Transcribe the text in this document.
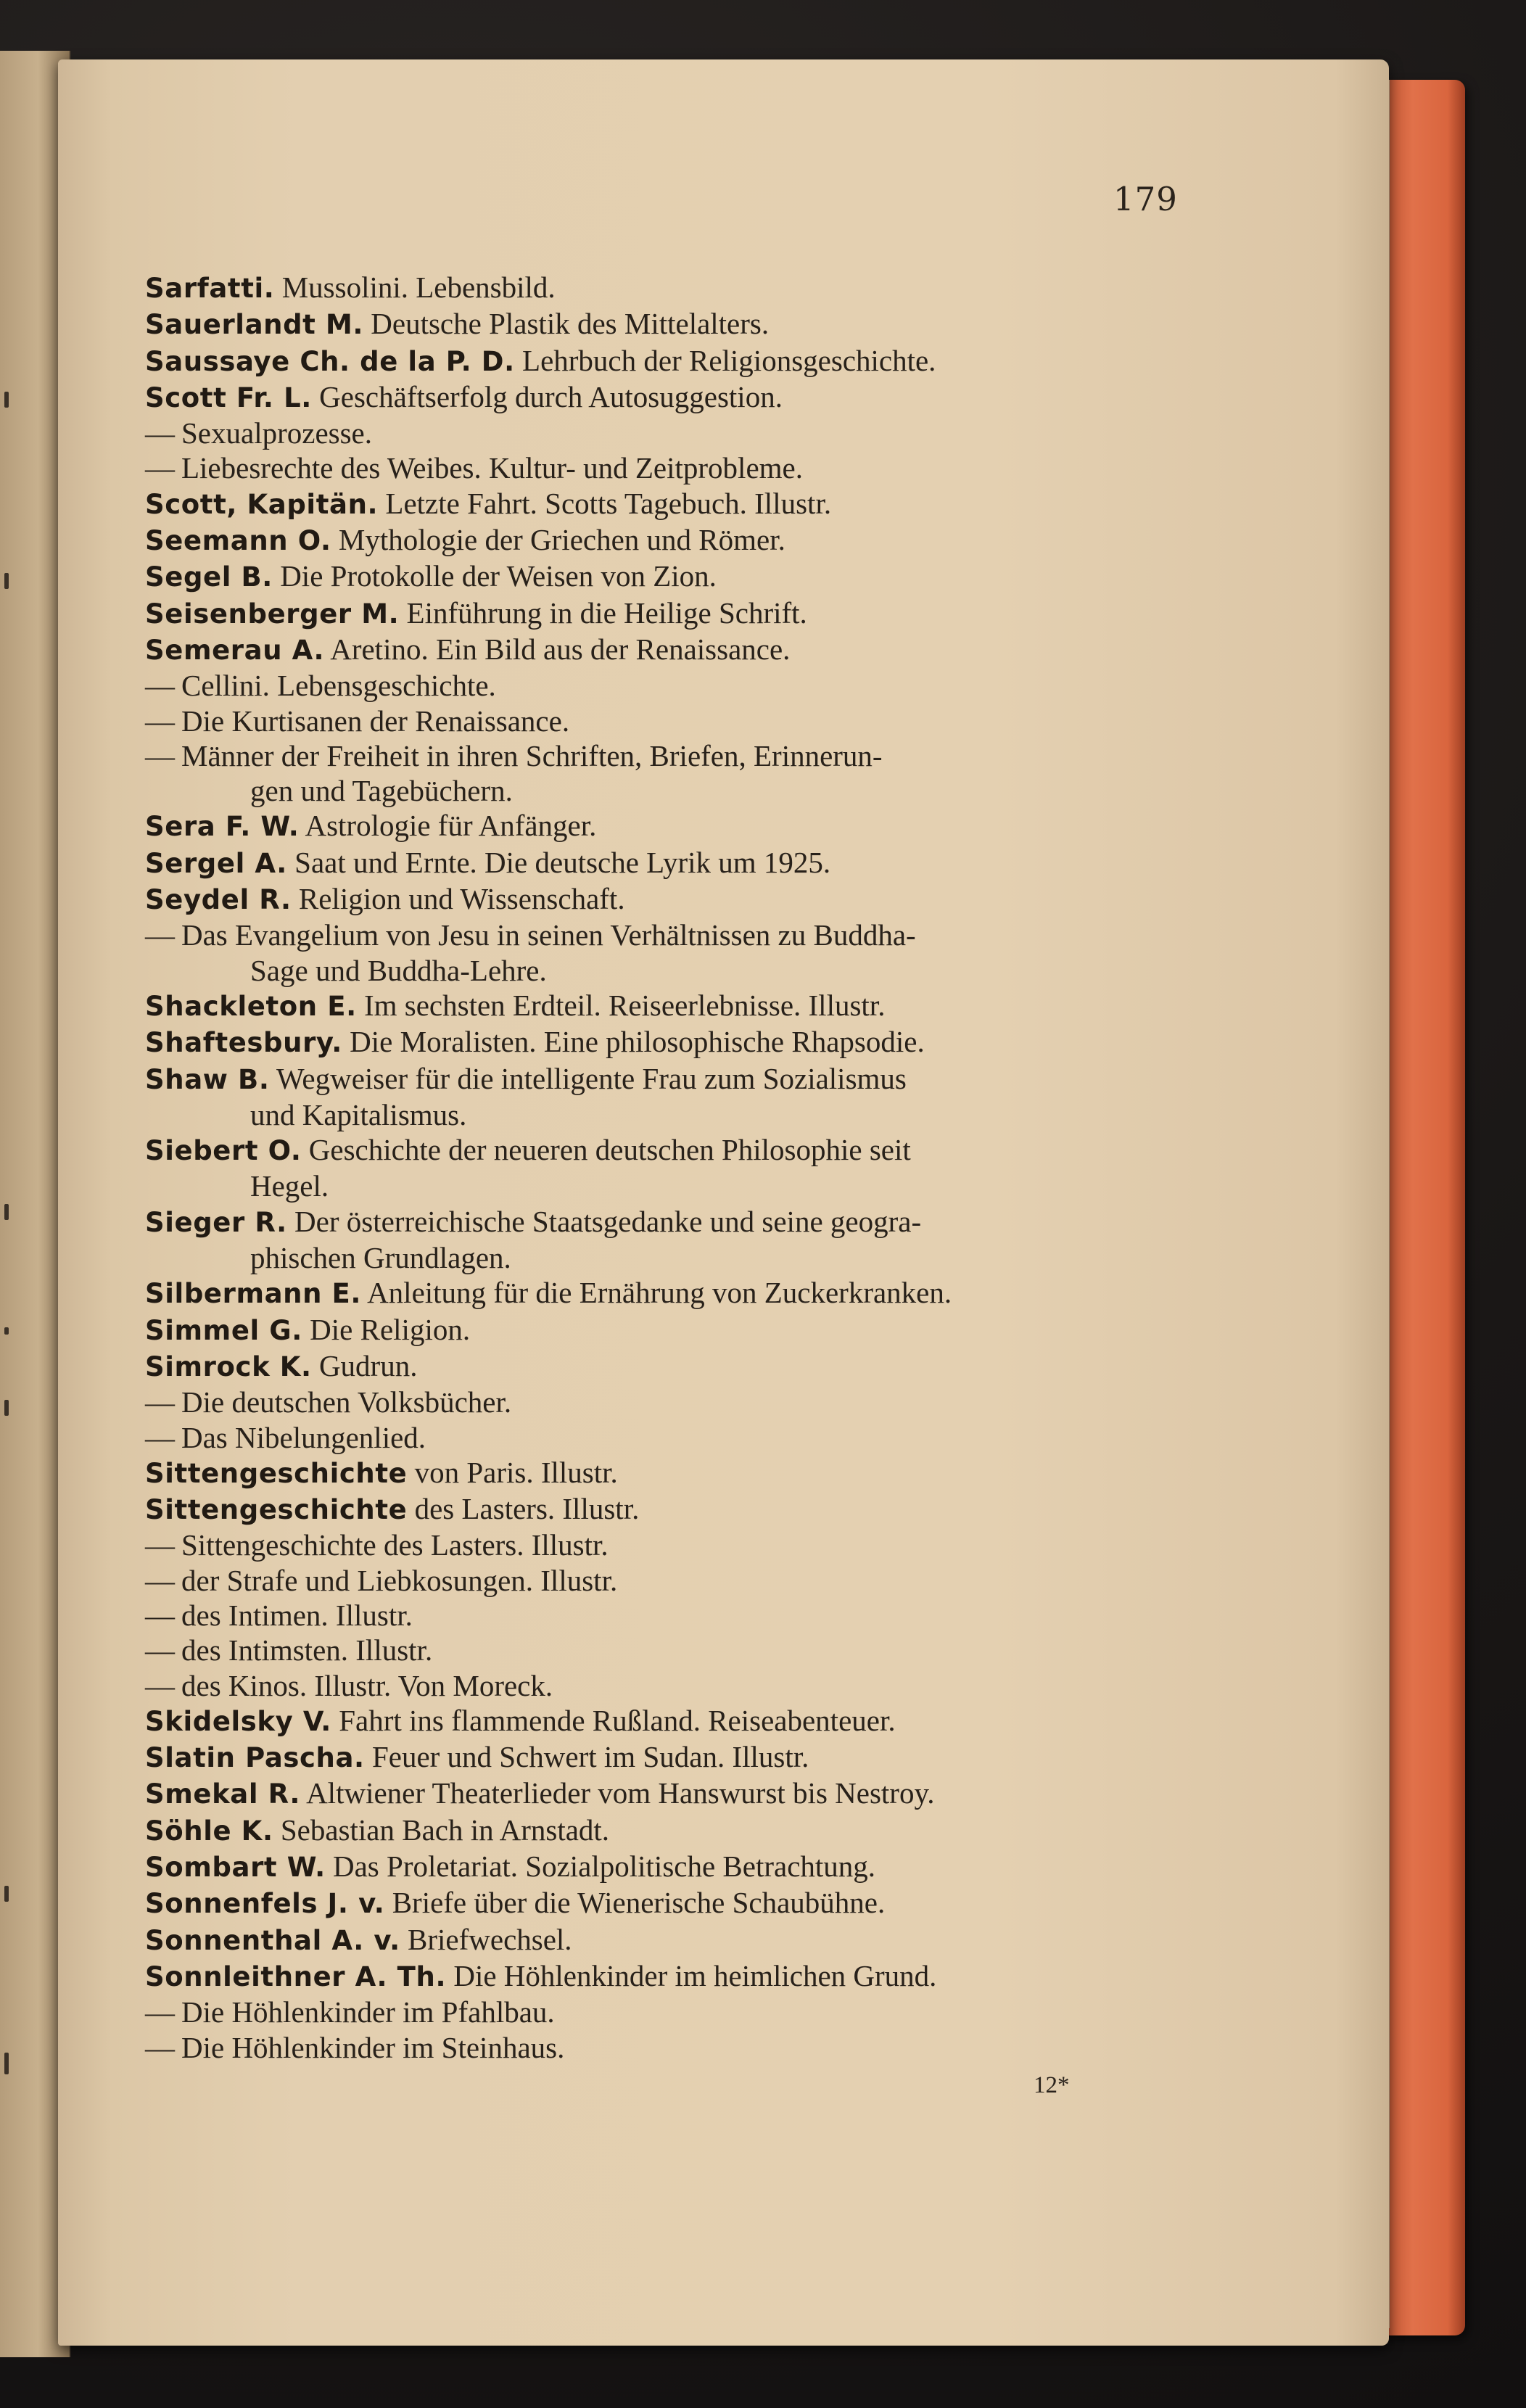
179
Sarfatti. Mussolini. Lebensbild.
Sauerlandt M. Deutsche Plastik des Mittelalters.
Saussaye Ch. de la P. D. Lehrbuch der Religionsgeschichte.
Scott Fr. L. Geschäftserfolg durch Autosuggestion.
— Sexualprozesse.
— Liebesrechte des Weibes. Kultur- und Zeitprobleme.
Scott, Kapitän. Letzte Fahrt. Scotts Tagebuch. Illustr.
Seemann O. Mythologie der Griechen und Römer.
Segel B. Die Protokolle der Weisen von Zion.
Seisenberger M. Einführung in die Heilige Schrift.
Semerau A. Aretino. Ein Bild aus der Renaissance.
— Cellini. Lebensgeschichte.
— Die Kurtisanen der Renaissance.
— Männer der Freiheit in ihren Schriften, Briefen, Erinnerun-
gen und Tagebüchern.
Sera F. W. Astrologie für Anfänger.
Sergel A. Saat und Ernte. Die deutsche Lyrik um 1925.
Seydel R. Religion und Wissenschaft.
— Das Evangelium von Jesu in seinen Verhältnissen zu Buddha-
Sage und Buddha-Lehre.
Shackleton E. Im sechsten Erdteil. Reiseerlebnisse. Illustr.
Shaftesbury. Die Moralisten. Eine philosophische Rhapsodie.
Shaw B. Wegweiser für die intelligente Frau zum Sozialismus
und Kapitalismus.
Siebert O. Geschichte der neueren deutschen Philosophie seit
Hegel.
Sieger R. Der österreichische Staatsgedanke und seine geogra-
phischen Grundlagen.
Silbermann E. Anleitung für die Ernährung von Zuckerkranken.
Simmel G. Die Religion.
Simrock K. Gudrun.
— Die deutschen Volksbücher.
— Das Nibelungenlied.
Sittengeschichte von Paris. Illustr.
Sittengeschichte des Lasters. Illustr.
— Sittengeschichte des Lasters. Illustr.
— der Strafe und Liebkosungen. Illustr.
— des Intimen. Illustr.
— des Intimsten. Illustr.
— des Kinos. Illustr. Von Moreck.
Skidelsky V. Fahrt ins flammende Rußland. Reiseabenteuer.
Slatin Pascha. Feuer und Schwert im Sudan. Illustr.
Smekal R. Altwiener Theaterlieder vom Hanswurst bis Nestroy.
Söhle K. Sebastian Bach in Arnstadt.
Sombart W. Das Proletariat. Sozialpolitische Betrachtung.
Sonnenfels J. v. Briefe über die Wienerische Schaubühne.
Sonnenthal A. v. Briefwechsel.
Sonnleithner A. Th. Die Höhlenkinder im heimlichen Grund.
— Die Höhlenkinder im Pfahlbau.
— Die Höhlenkinder im Steinhaus.
12*
